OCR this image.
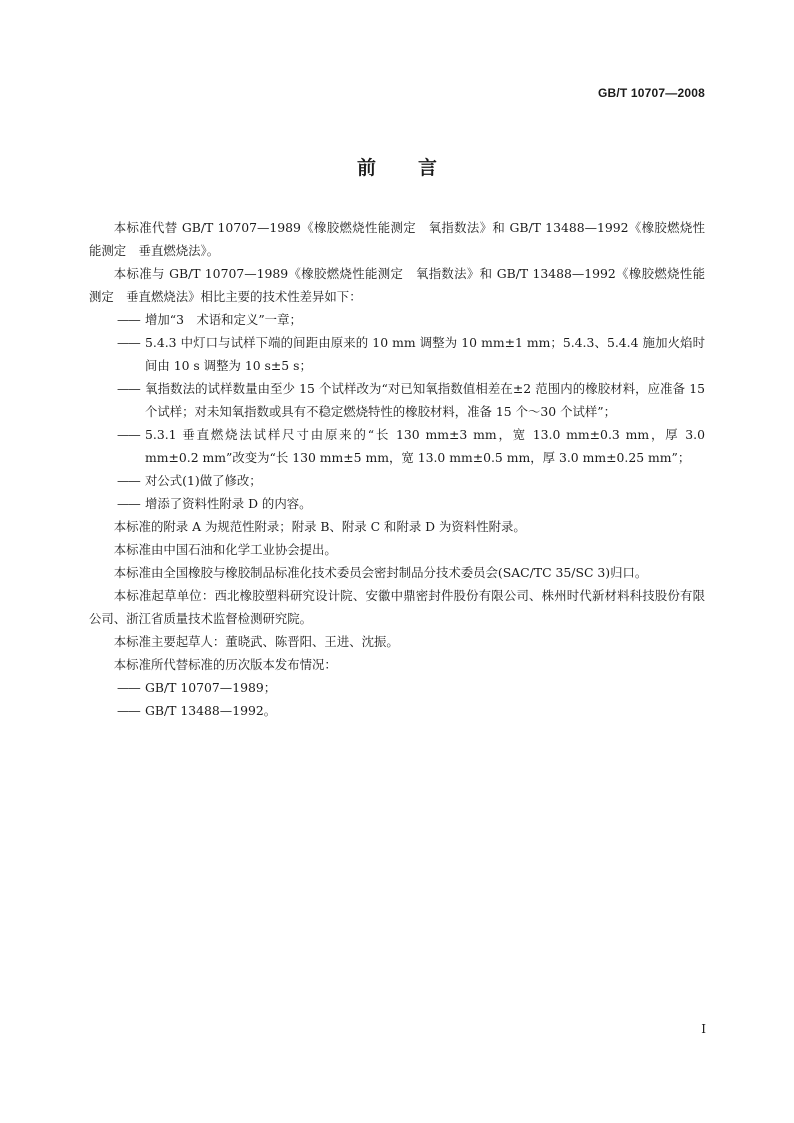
GB/T 10707—2008
前 言

本标准代替 GB/T 10707—1989《橡胶燃烧性能测定　氧指数法》和 GB/T 13488—1992《橡胶燃烧性能测定　垂直燃烧法》。

本标准与 GB/T 10707—1989《橡胶燃烧性能测定　氧指数法》和 GB/T 13488—1992《橡胶燃烧性能测定　垂直燃烧法》相比主要的技术性差异如下：

—— 增加“3　术语和定义”一章；

—— 5.4.3 中灯口与试样下端的间距由原来的 10 mm 调整为 10 mm±1 mm；5.4.3、5.4.4 施加火焰时间由 10 s 调整为 10 s±5 s；

—— 氧指数法的试样数量由至少 15 个试样改为“对已知氧指数值相差在±2 范围内的橡胶材料，应准备 15 个试样；对未知氧指数或具有不稳定燃烧特性的橡胶材料，准备 15 个～30 个试样”；

—— 5.3.1 垂直燃烧法试样尺寸由原来的“长 130 mm±3 mm，宽 13.0 mm±0.3 mm，厚 3.0 mm±0.2 mm”改变为“长 130 mm±5 mm，宽 13.0 mm±0.5 mm，厚 3.0 mm±0.25 mm”；

—— 对公式(1)做了修改；

—— 增添了资料性附录 D 的内容。

本标准的附录 A 为规范性附录；附录 B、附录 C 和附录 D 为资料性附录。

本标准由中国石油和化学工业协会提出。

本标准由全国橡胶与橡胶制品标准化技术委员会密封制品分技术委员会(SAC/TC 35/SC 3)归口。

本标准起草单位：西北橡胶塑料研究设计院、安徽中鼎密封件股份有限公司、株州时代新材料科技股份有限公司、浙江省质量技术监督检测研究院。

本标准主要起草人：董晓武、陈晋阳、王进、沈振。

本标准所代替标准的历次版本发布情况：

—— GB/T 10707—1989；

—— GB/T 13488—1992。

I
